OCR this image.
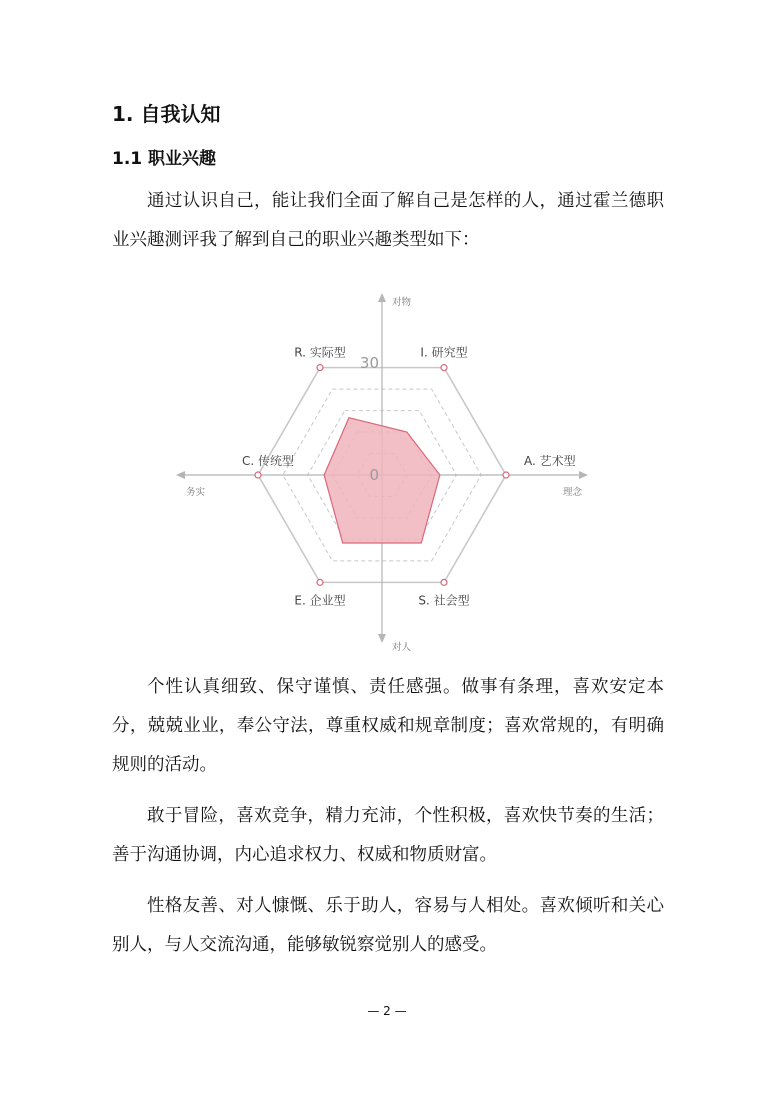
1. 自我认知
1.1 职业兴趣

通过认识自己，能让我们全面了解自己是怎样的人，通过霍兰德职业兴趣测评我了解到自己的职业兴趣类型如下：

30
0
R. 实际型	I. 研究型
A. 艺术型
S. 社会型
E. 企业型
C. 传统型
对物
对人
务实	理念

个性认真细致、保守谨慎、责任感强。做事有条理，喜欢安定本分，兢兢业业，奉公守法，尊重权威和规章制度；喜欢常规的，有明确规则的活动。

敢于冒险，喜欢竞争，精力充沛，个性积极，喜欢快节奏的生活；善于沟通协调，内心追求权力、权威和物质财富。

性格友善、对人慷慨、乐于助人，容易与人相处。喜欢倾听和关心别人，与人交流沟通，能够敏锐察觉别人的感受。

— 2 —
